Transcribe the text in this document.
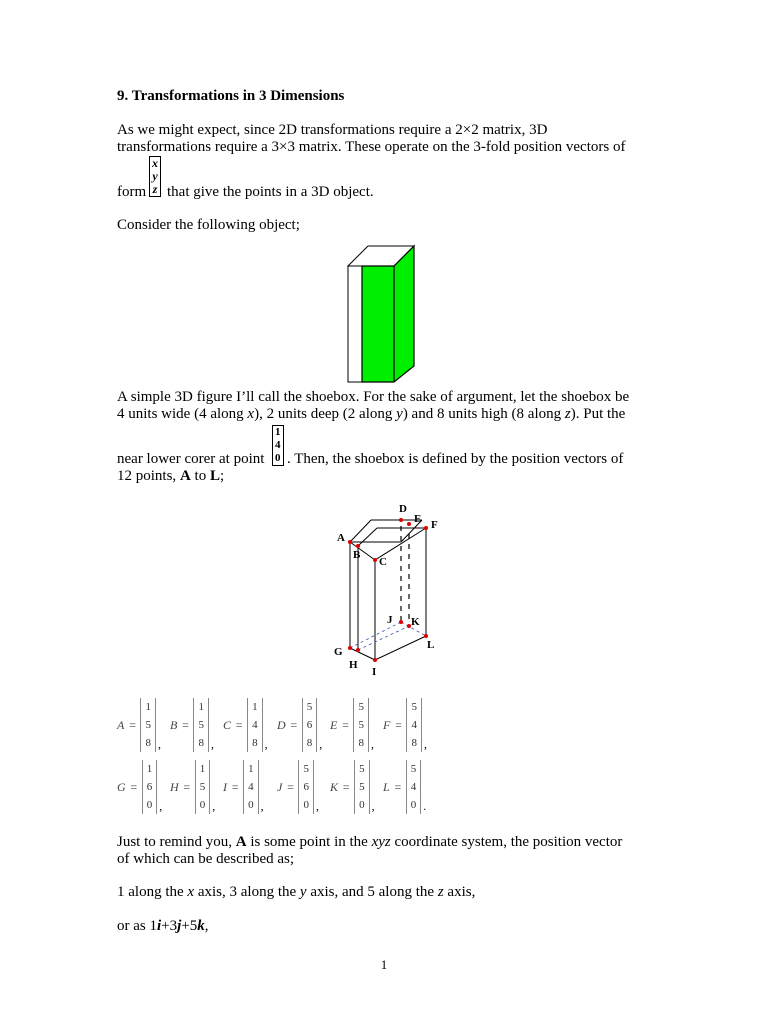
9. Transformations in 3 Dimensions
As we might expect, since 2D transformations require a 2×2 matrix, 3D
transformations require a 3×3 matrix. These operate on the 3-fold position vectors of
form
x
y
z that give the points in a 3D object.
Consider the following object;
A simple 3D figure I’ll call the shoebox. For the sake of argument, let the shoebox be
4 units wide (4 along x), 2 units deep (2 along y) and 8 units high (8 along z). Put the
near lower corer at point
1
4
0 . Then, the shoebox is defined by the position vectors of
12 points, A to L;
A
B
C
D
E F
G
H
I
J K
L
A =
1
5
8 ,
B =
1
5
8 ,
C =
1
4
8 ,
D =
5
6
8 ,
E =
5
5
8 ,
F =
5
4
8 ,
G =
1
6
0 ,
H =
1
5
0 ,
I =
1
4
0 ,
J =
5
6
0 ,
K =
5
5
0 ,
L =
5
4
0 .
Just to remind you, A is some point in the xyz coordinate system, the position vector
of which can be described as;
1 along the x axis, 3 along the y axis, and 5 along the z axis,
or as 1i+3j+5k,
1
